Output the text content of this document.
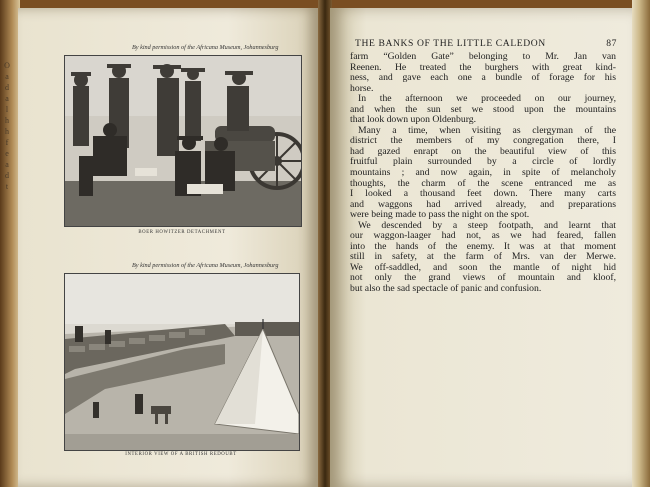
O
a
d
a
l
h
h
f
e
a
d
t
By kind permission of the Africana Museum, Johannesburg
BOER HOWITZER DETACHMENT
By kind permission of the Africana Museum, Johannesburg
INTERIOR VIEW OF A BRITISH REDOUBT
THE BANKS OF THE LITTLE CALEDON	87

farm “Golden Gate” belonging to Mr. Jan van
Reenen. He treated the burghers with great kind-
ness, and gave each one a bundle of forage for his
horse.

In the afternoon we proceeded on our journey,
and when the sun set we stood upon the mountains
that look down upon Oldenburg.

Many a time, when visiting as clergyman of the
district the members of my congregation there, I
had gazed enrapt on the beautiful view of this
fruitful plain surrounded by a circle of lordly
mountains ; and now again, in spite of melancholy
thoughts, the charm of the scene entranced me as
I looked a thousand feet down. There many carts
and waggons had arrived already, and preparations
were being made to pass the night on the spot.

We descended by a steep footpath, and learnt that
our waggon-laager had not, as we had feared, fallen
into the hands of the enemy. It was at that moment
still in safety, at the farm of Mrs. van der Merwe.
We off-saddled, and soon the mantle of night hid
not only the grand views of mountain and kloof,
but also the sad spectacle of panic and confusion.
